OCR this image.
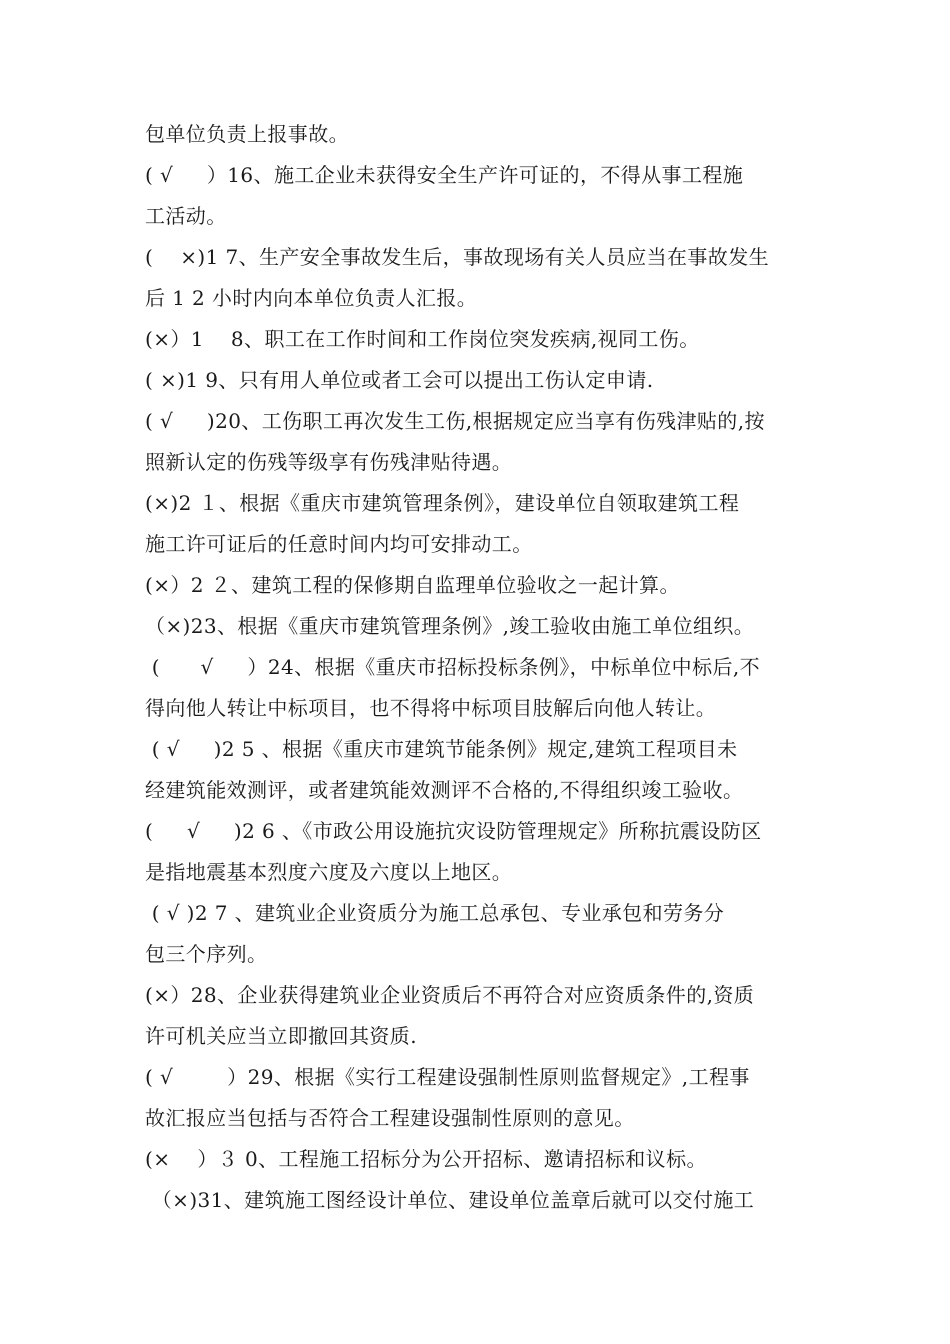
包单位负责上报事故。
( √     ）16、施工企业未获得安全生产许可证的，不得从事工程施
工活动。
(    ×)1 7、生产安全事故发生后，事故现场有关人员应当在事故发生
后 1 2 小时内向本单位负责人汇报。
(×）1    8、职工在工作时间和工作岗位突发疾病,视同工伤。
( ×)1 9、只有用人单位或者工会可以提出工伤认定申请.
( √     )20、工伤职工再次发生工伤,根据规定应当享有伤残津贴的,按
照新认定的伤残等级享有伤残津贴待遇。
(×)2 １、根据《重庆市建筑管理条例》，建设单位自领取建筑工程
施工许可证后的任意时间内均可安排动工。
(×）2 ２、建筑工程的保修期自监理单位验收之一起计算。
（×)23、根据《重庆市建筑管理条例》,竣工验收由施工单位组织。
(      √     ）24、根据《重庆市招标投标条例》，中标单位中标后,不
得向他人转让中标项目，也不得将中标项目肢解后向他人转让。
( √     )2 5 、根据《重庆市建筑节能条例》规定,建筑工程项目未
经建筑能效测评，或者建筑能效测评不合格的,不得组织竣工验收。
(     √     )2 6 、《市政公用设施抗灾设防管理规定》所称抗震设防区
是指地震基本烈度六度及六度以上地区。
( √ )2 7 、建筑业企业资质分为施工总承包、专业承包和劳务分
包三个序列。
(×）28、企业获得建筑业企业资质后不再符合对应资质条件的,资质
许可机关应当立即撤回其资质.
( √        ）29、根据《实行工程建设强制性原则监督规定》,工程事
故汇报应当包括与否符合工程建设强制性原则的意见。
(×    ）３ 0、工程施工招标分为公开招标、邀请招标和议标。
（×)31、建筑施工图经设计单位、建设单位盖章后就可以交付施工
